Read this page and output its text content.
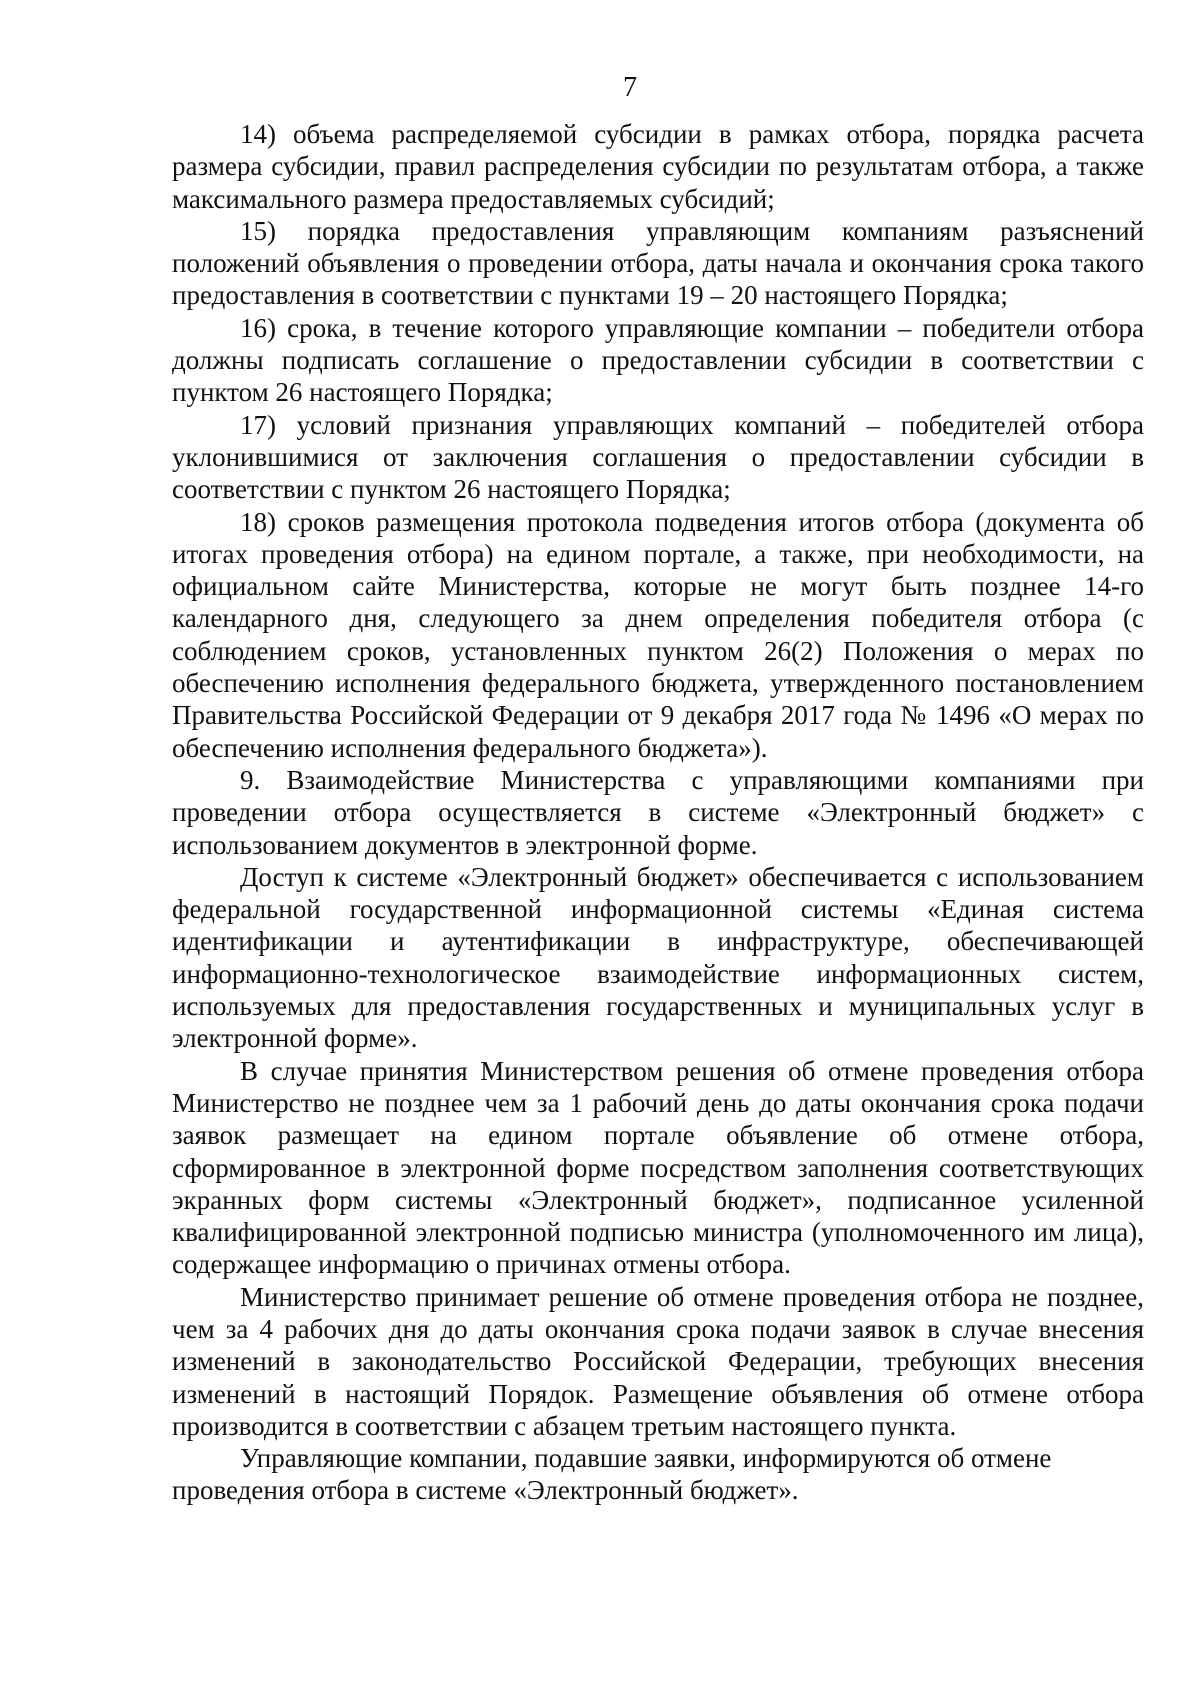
7

14) объема распределяемой субсидии в рамках отбора, порядка расчета размера субсидии, правил распределения субсидии по результатам отбора, а также максимального размера предоставляемых субсидий;

15) порядка предоставления управляющим компаниям разъяснений положений объявления о проведении отбора, даты начала и окончания срока такого предоставления в соответствии с пунктами 19 – 20 настоящего Порядка;

16) срока, в течение которого управляющие компании – победители отбора должны подписать соглашение о предоставлении субсидии в соответствии с пунктом 26 настоящего Порядка;

17) условий признания управляющих компаний – победителей отбора уклонившимися от заключения соглашения о предоставлении субсидии в соответствии с пунктом 26 настоящего Порядка;

18) сроков размещения протокола подведения итогов отбора (документа об итогах проведения отбора) на едином портале, а также, при необходимости, на официальном сайте Министерства, которые не могут быть позднее 14-го календарного дня, следующего за днем определения победителя отбора (с соблюдением сроков, установленных пунктом 26(2) Положения о мерах по обеспечению исполнения федерального бюджета, утвержденного постановлением Правительства Российской Федерации от 9 декабря 2017 года № 1496 «О мерах по обеспечению исполнения федерального бюджета»).

9. Взаимодействие Министерства с управляющими компаниями при проведении отбора осуществляется в системе «Электронный бюджет» с использованием документов в электронной форме.

Доступ к системе «Электронный бюджет» обеспечивается с использованием федеральной государственной информационной системы «Единая система идентификации и аутентификации в инфраструктуре, обеспечивающей информационно-технологическое взаимодействие информационных систем, используемых для предоставления государственных и муниципальных услуг в электронной форме».

В случае принятия Министерством решения об отмене проведения отбора Министерство не позднее чем за 1 рабочий день до даты окончания срока подачи заявок размещает на едином портале объявление об отмене отбора, сформированное в электронной форме посредством заполнения соответствующих экранных форм системы «Электронный бюджет», подписанное усиленной квалифицированной электронной подписью министра (уполномоченного им лица), содержащее информацию о причинах отмены отбора.

Министерство принимает решение об отмене проведения отбора не позднее, чем за 4 рабочих дня до даты окончания срока подачи заявок в случае внесения изменений в законодательство Российской Федерации, требующих внесения изменений в настоящий Порядок. Размещение объявления об отмене отбора производится в соответствии с абзацем третьим настоящего пункта.

Управляющие компании, подавшие заявки, информируются об отмене проведения отбора в системе «Электронный бюджет».
